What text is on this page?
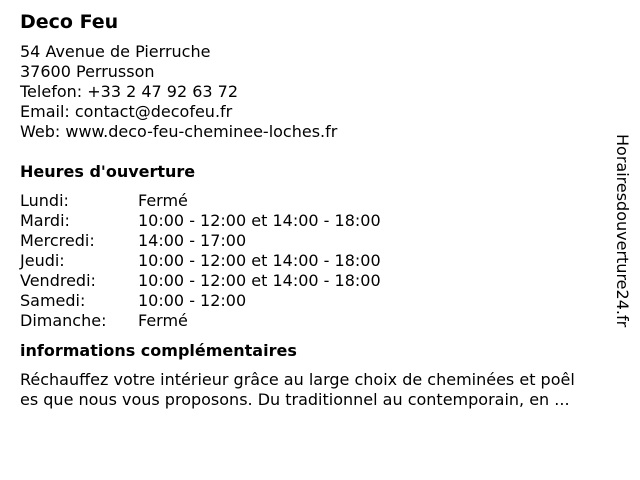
Deco Feu
54 Avenue de Pierruche
37600 Perrusson
Telefon: +33 2 47 92 63 72
Email: contact@decofeu.fr
Web: www.deco-feu-cheminee-loches.fr
Heures d'ouverture
Lundi:	Fermé
Mardi:	10:00 - 12:00 et 14:00 - 18:00
Mercredi:	14:00 - 17:00
Jeudi:	10:00 - 12:00 et 14:00 - 18:00
Vendredi:	10:00 - 12:00 et 14:00 - 18:00
Samedi:	10:00 - 12:00
Dimanche:	Fermé
informations complémentaires
Réchauffez votre intérieur grâce au large choix de cheminées et poêl
es que nous vous proposons. Du traditionnel au contemporain, en ...
Horairesdouverture24.fr
